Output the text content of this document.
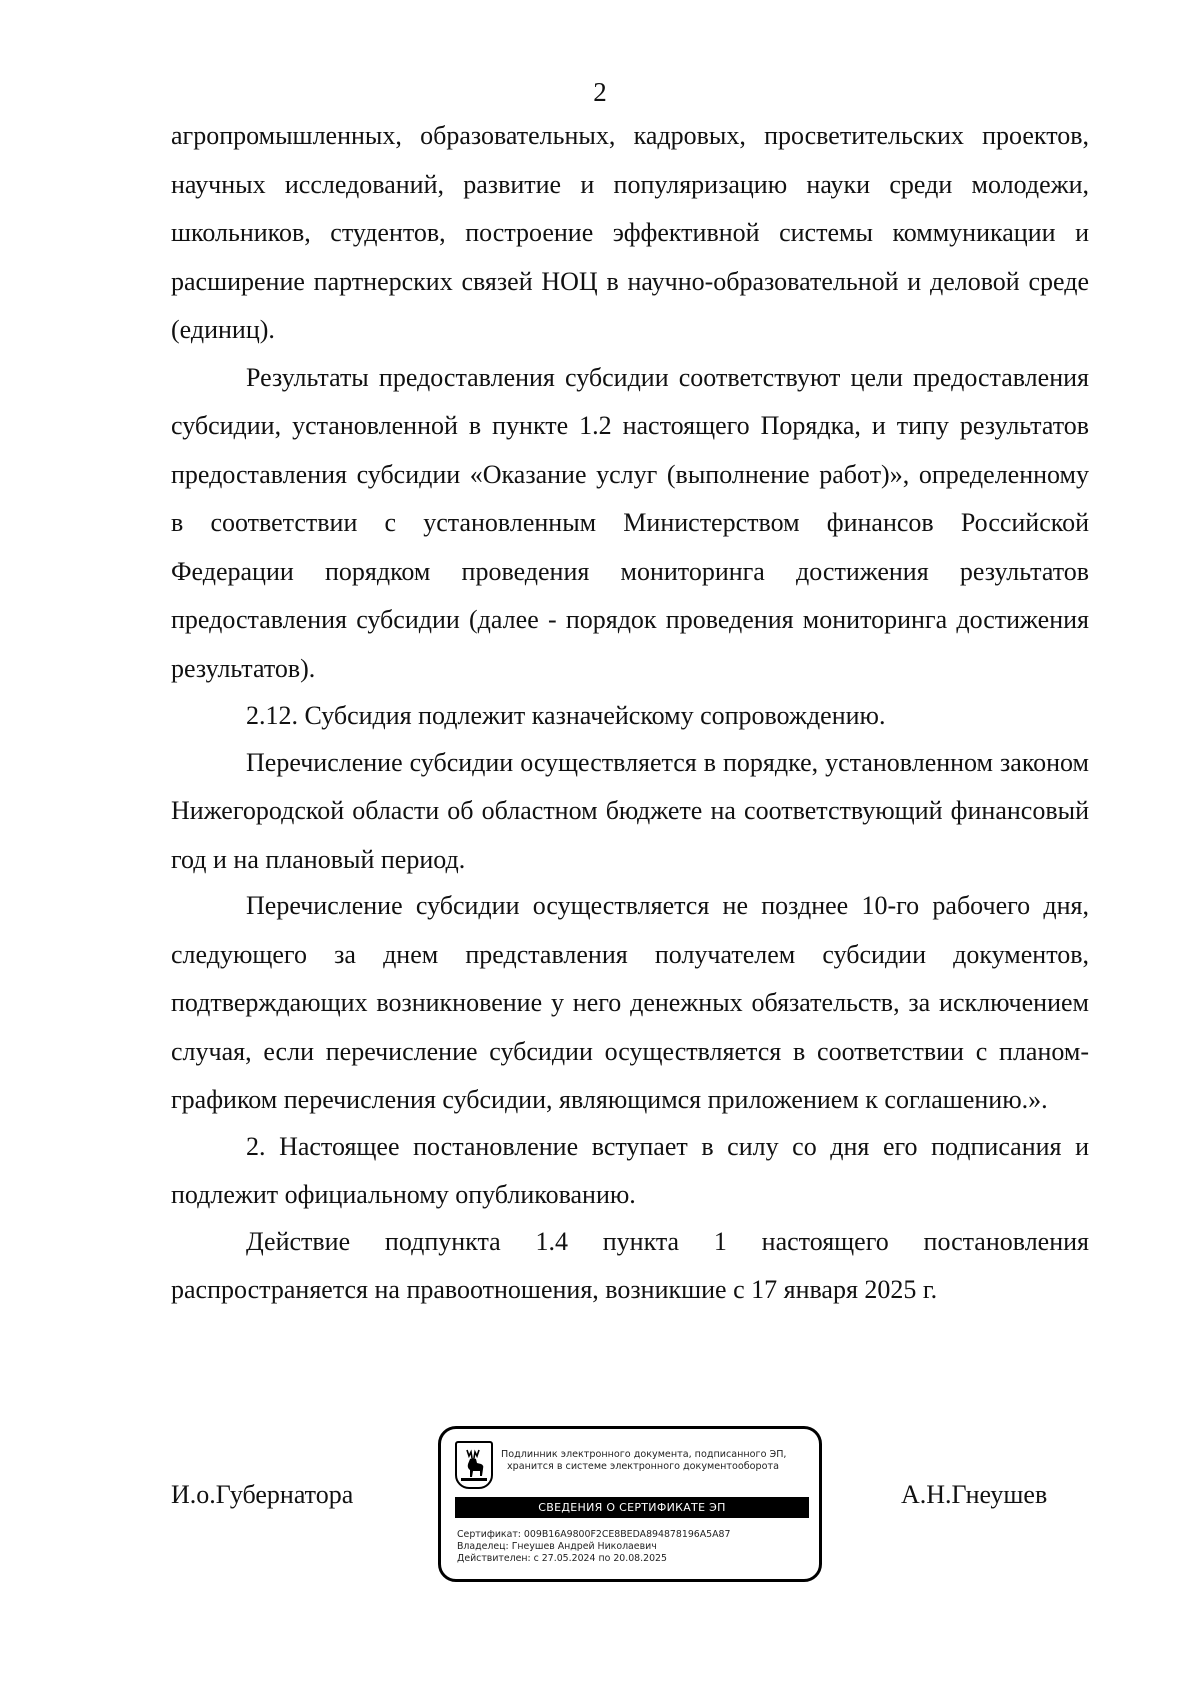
2

агропромышленных, образовательных, кадровых, просветительских проектов, научных исследований, развитие и популяризацию науки среди молодежи, школьников, студентов, построение эффективной системы коммуникации и расширение партнерских связей НОЦ в научно-образовательной и деловой среде (единиц).

Результаты предоставления субсидии соответствуют цели предоставления субсидии, установленной в пункте 1.2 настоящего Порядка, и типу результатов предоставления субсидии «Оказание услуг (выполнение работ)», определенному в соответствии с установленным Министерством финансов Российской Федерации порядком проведения мониторинга достижения результатов предоставления субсидии (далее - порядок проведения мониторинга достижения результатов).

2.12. Субсидия подлежит казначейскому сопровождению.

Перечисление субсидии осуществляется в порядке, установленном законом Нижегородской области об областном бюджете на соответствующий финансовый год и на плановый период.

Перечисление субсидии осуществляется не позднее 10-го рабочего дня, следующего за днем представления получателем субсидии документов, подтверждающих возникновение у него денежных обязательств, за исключением случая, если перечисление субсидии осуществляется в соответствии с планом-графиком перечисления субсидии, являющимся приложением к соглашению.».

2. Настоящее постановление вступает в силу со дня его подписания и подлежит официальному опубликованию.

Действие подпункта 1.4 пункта 1 настоящего постановления распространяется на правоотношения, возникшие с 17 января 2025 г.

И.о.Губернатора	А.Н.Гнеушев
Подлинник электронного документа, подписанного ЭП,
хранится в системе электронного документооборота
СВЕДЕНИЯ О СЕРТИФИКАТЕ ЭП
Сертификат: 009B16A9800F2CE8BEDA894878196A5A87
Владелец: Гнеушев Андрей Николаевич
Действителен: с 27.05.2024 по 20.08.2025
